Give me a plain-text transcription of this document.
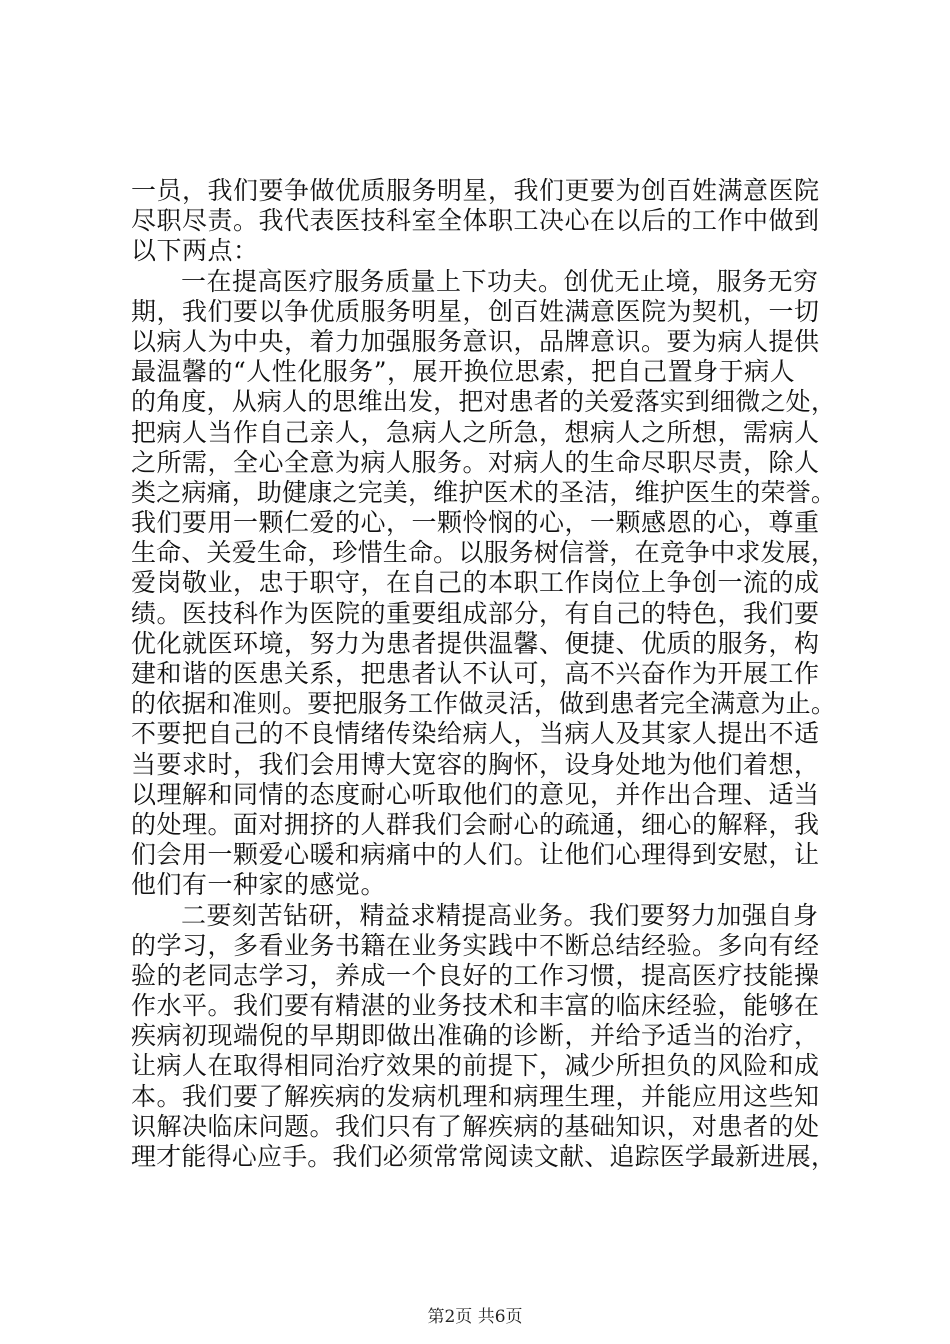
一员，我们要争做优质服务明星，我们更要为创百姓满意医院
尽职尽责。我代表医技科室全体职工决心在以后的工作中做到
以下两点：
一在提高医疗服务质量上下功夫。创优无止境，服务无穷
期，我们要以争优质服务明星，创百姓满意医院为契机，一切
以病人为中央，着力加强服务意识，品牌意识。要为病人提供
最温馨的“人性化服务”，展开换位思索，把自己置身于病人
的角度，从病人的思维出发，把对患者的关爱落实到细微之处，
把病人当作自己亲人，急病人之所急，想病人之所想，需病人
之所需，全心全意为病人服务。对病人的生命尽职尽责，除人
类之病痛，助健康之完美，维护医术的圣洁，维护医生的荣誉。
我们要用一颗仁爱的心，一颗怜悯的心，一颗感恩的心，尊重
生命、关爱生命，珍惜生命。以服务树信誉，在竞争中求发展，
爱岗敬业，忠于职守，在自己的本职工作岗位上争创一流的成
绩。医技科作为医院的重要组成部分，有自己的特色，我们要
优化就医环境，努力为患者提供温馨、便捷、优质的服务，构
建和谐的医患关系，把患者认不认可，高不兴奋作为开展工作
的依据和准则。要把服务工作做灵活，做到患者完全满意为止。
不要把自己的不良情绪传染给病人，当病人及其家人提出不适
当要求时，我们会用博大宽容的胸怀，设身处地为他们着想，
以理解和同情的态度耐心听取他们的意见，并作出合理、适当
的处理。面对拥挤的人群我们会耐心的疏通，细心的解释，我
们会用一颗爱心暖和病痛中的人们。让他们心理得到安慰，让
他们有一种家的感觉。
二要刻苦钻研，精益求精提高业务。我们要努力加强自身
的学习，多看业务书籍在业务实践中不断总结经验。多向有经
验的老同志学习，养成一个良好的工作习惯，提高医疗技能操
作水平。我们要有精湛的业务技术和丰富的临床经验，能够在
疾病初现端倪的早期即做出准确的诊断，并给予适当的治疗，
让病人在取得相同治疗效果的前提下，减少所担负的风险和成
本。我们要了解疾病的发病机理和病理生理，并能应用这些知
识解决临床问题。我们只有了解疾病的基础知识，对患者的处
理才能得心应手。我们必须常常阅读文献、追踪医学最新进展，
第2页 共6页
